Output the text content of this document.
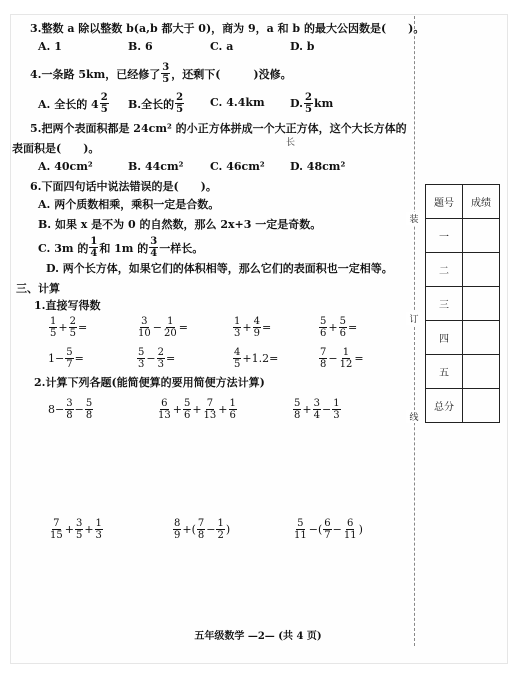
3.整数 a 除以整数 b(a,b 都大于 0)，商为 9，a 和 b 的最大公因数是(　　)。
A. 1	B. 6	C. a	D. b
4.一条路 5km，已经修了 $\frac{3}{5}$ ，还剩下(　　　)没修。
A. 全长的 $4 \frac{2}{5} B$.全长的 $\frac{2}{5} C$. 4.4km D. $\frac{2}{5}$ km
5.把两个表面积都是 24cm² 的小正方体拼成一个大正方体，这个大长方体的
长
表面积是(　　)。
A. 40cm²	B. 44cm² C. 46cm² D. 48cm²
6.下面四句话中说法错误的是(　　)。
A. 两个质数相乘，乘积一定是合数。
B. 如果 x 是不为 0 的自然数，那么 2x+3 一定是奇数。
C. 3m 的 $\frac{1}{4}$ 和 1m 的 $\frac{3}{4}$ 一样长。
D. 两个长方体，如果它们的体积相等，那么它们的表面积也一定相等。
三、计算
1.直接写得数
$\frac{1}{5} + \frac{2}{5}$ =	$\frac{3}{10} - \frac{1}{20}$ =	$\frac{1}{3} + \frac{4}{9}$ =	$\frac{5}{6} + \frac{5}{6}$ =
$1- \frac{5}{7}$ =	$\frac{5}{3} - \frac{2}{3}$ =	$\frac{4}{5} +1.2=$	$\frac{7}{8} - \frac{1}{12}$ =
2.计算下列各题(能简便算的要用简便方法计算)
$8- \frac{3}{8} - \frac{5}{8}$	$\frac{6}{13} + \frac{5}{6} + \frac{7}{13} + \frac{1}{6}$	$\frac{5}{8} + \frac{3}{4} - \frac{1}{3}$
$\frac{7}{15} + \frac{3}{5} + \frac{1}{3}$	$\frac{8}{9}$ +( $\frac{7}{8} - \frac{1}{2}$ )	$\frac{5}{11}$ −( $\frac{6}{7} - \frac{6}{11}$ )
装
订
线
题号	成绩
一	
二	
三	
四	
五	
总分	
五年级数学 —2— (共 4 页)
